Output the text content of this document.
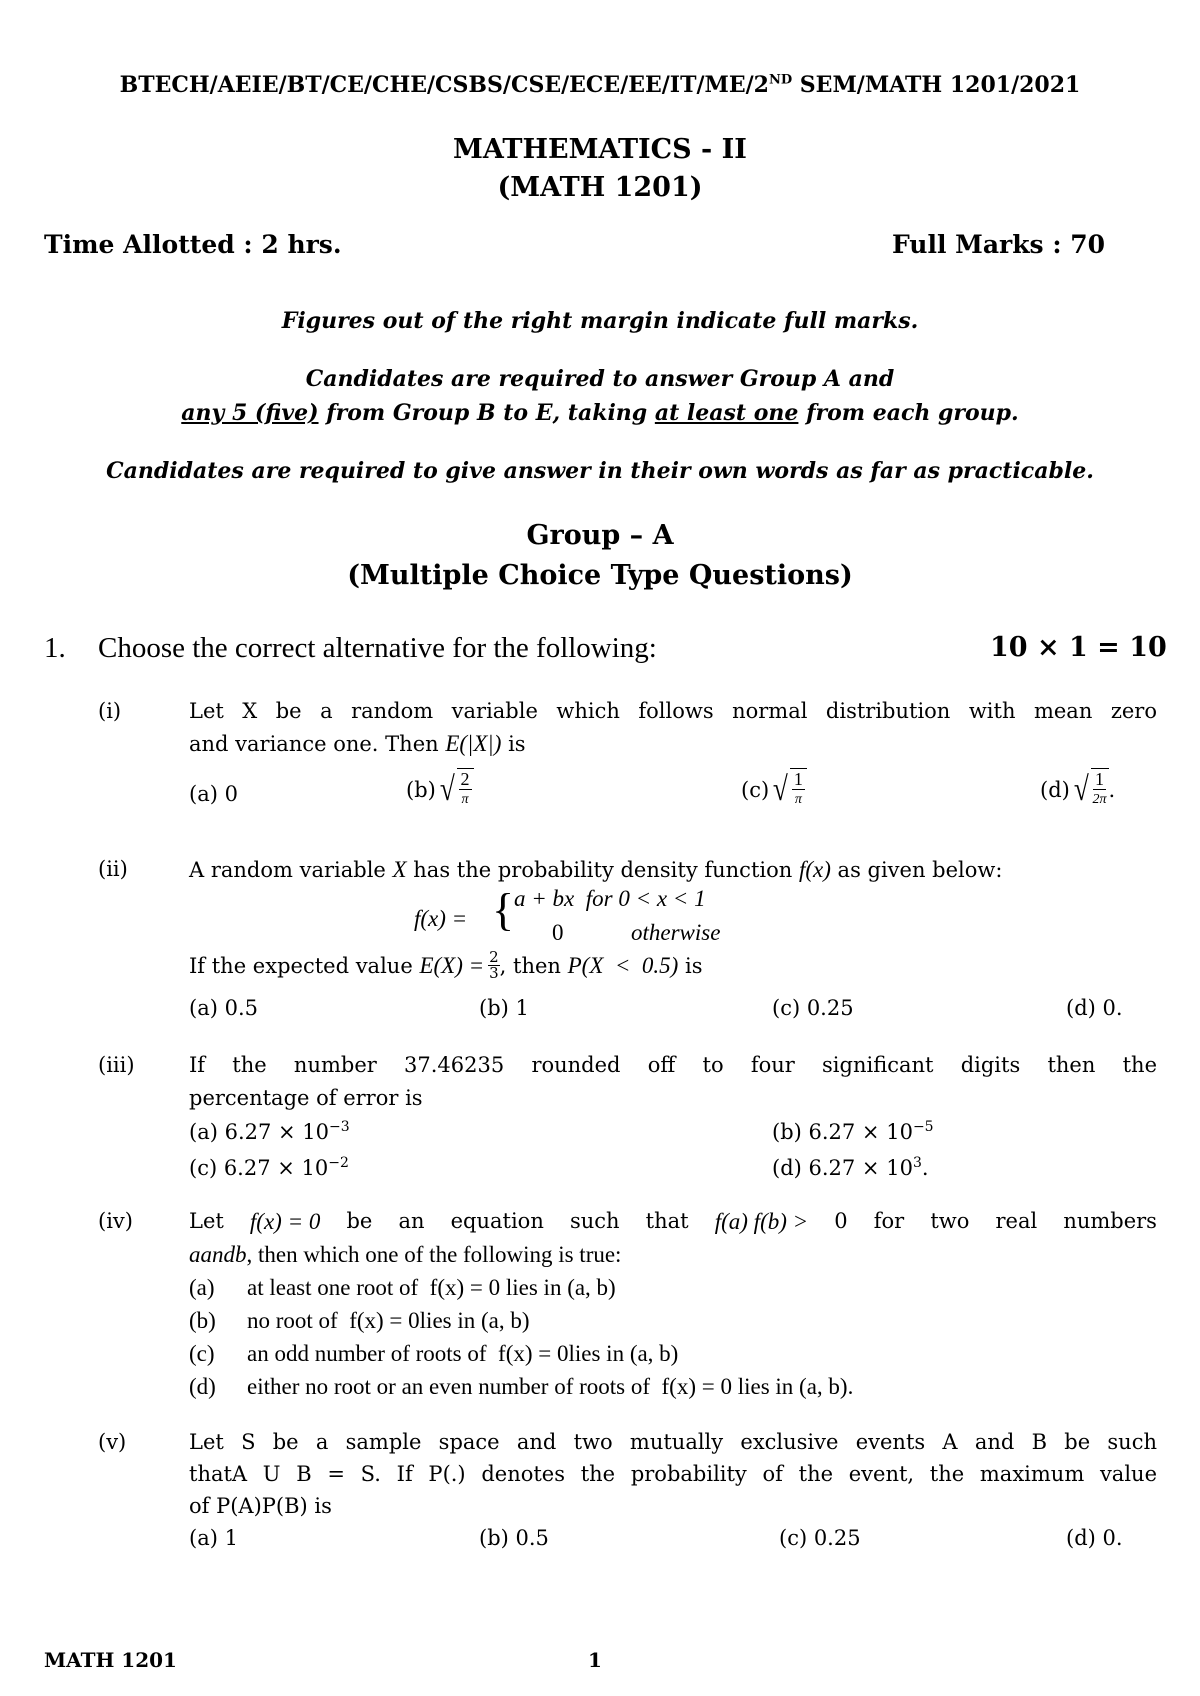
BTECH/AEIE/BT/CE/CHE/CSBS/CSE/ECE/EE/IT/ME/2ND SEM/MATH 1201/2021
MATHEMATICS - II
(MATH 1201)
Time Allotted : 2 hrs.	Full Marks : 70
Figures out of the right margin indicate full marks.
Candidates are required to answer Group A and
any 5 (five) from Group B to E, taking at least one from each group.
Candidates are required to give answer in their own words as far as practicable.
Group – A
(Multiple Choice Type Questions)
1. Choose the correct alternative for the following:	10 × 1 = 10
(i)	Let X be a random variable which follows normal distribution with mean zero
and variance one. Then E(|X|) is
(a) 0	(b) √ $\frac{2}{\pi}$	(c) √ $\frac{1}{\pi}$	(d) √ $\frac{1}{2\pi}$ .
(ii)	A random variable X has the probability density function f(x) as given below:
f(x) = { a + bx  for 0 < x < 1
0	otherwise
If the expected value $E(X) = \frac{2}{3}$ , then P(X  <  0.5) is
(a) 0.5	(b) 1	(c) 0.25	(d) 0.
(iii)	If the number 37.46235 rounded off to four significant digits then the
percentage of error is
(a) $6.27 \times 10^{-3}$	(b) $6.27 \times 10^{-5}$
(c) $6.27 \times 10^{-2}$	(d) $6.27 \times 10^3$.
(iv)	Let f(x) = 0 be an equation such that f(a) f(b) > 0 for two real numbers
aandb, then which one of the following is true:
(a) at least one root of  f(x) = 0 lies in (a, b)
(b) no root of  f(x) = 0lies in (a, b)
(c) an odd number of roots of  f(x) = 0lies in (a, b)
(d) either no root or an even number of roots of  f(x) = 0 lies in (a, b).
(v)	Let S be a sample space and two mutually exclusive events A and B be such
thatA U B = S. If P(.) denotes the probability of the event, the maximum value
of P(A)P(B) is
(a) 1	(b) 0.5	(c) 0.25	(d) 0.
MATH 1201	1
